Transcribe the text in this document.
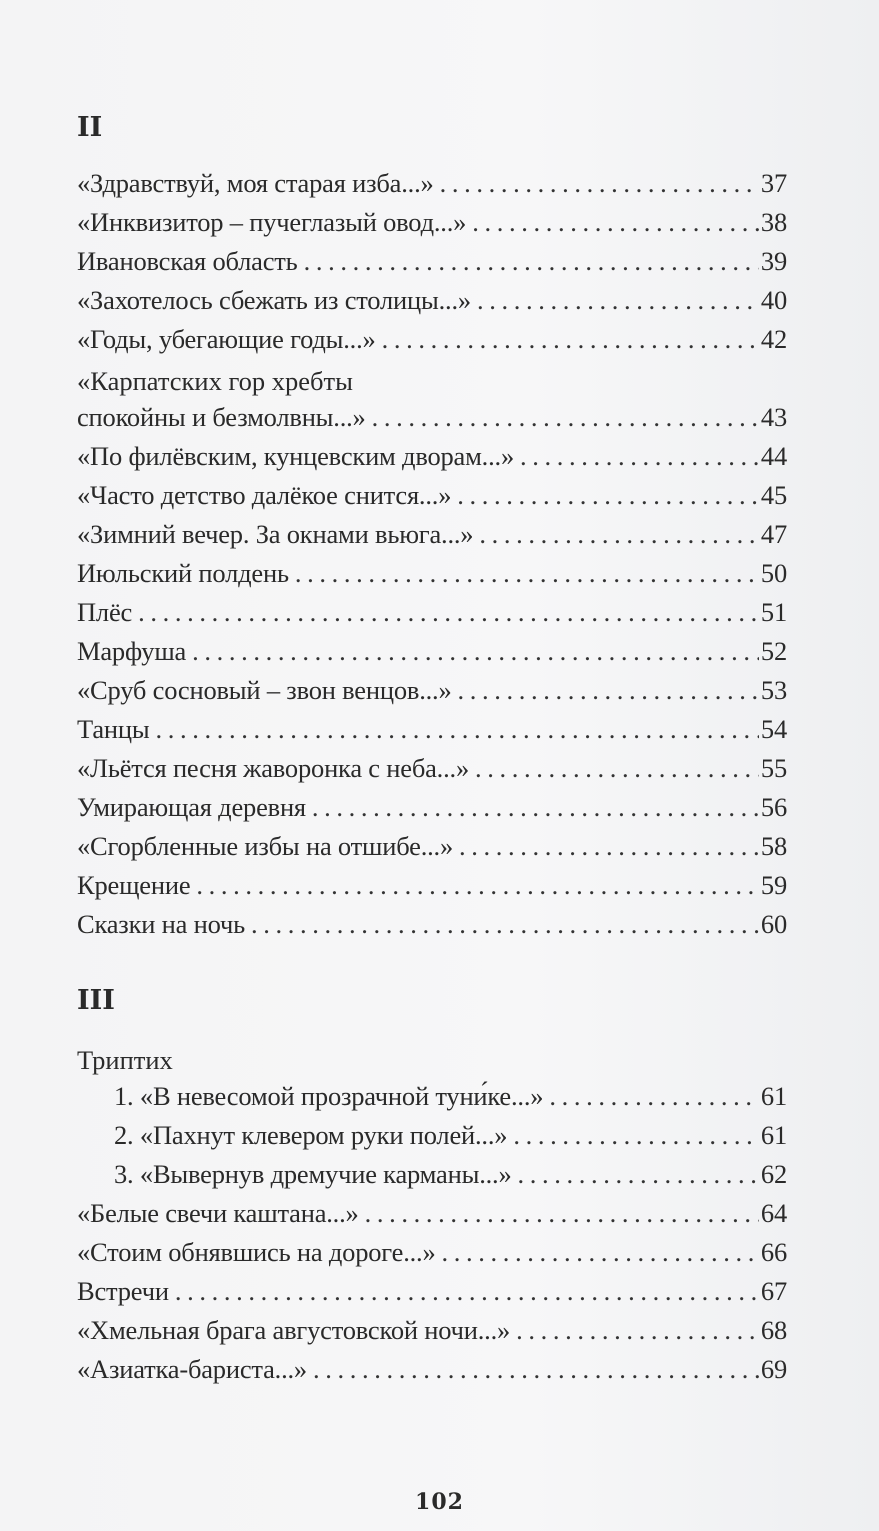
II
«Здравствуй, моя старая изба...» . . .	37
«Инквизитор – пучеглазый овод...» . . .	38
Ивановская область . . .	39
«Захотелось сбежать из столицы...» . . .	40
«Годы, убегающие годы...» . . .	42
«Карпатских гор хребты
спокойны и безмолвны...» . . .	43
«По филёвским, кунцевским дворам...» . . .	44
«Часто детство далёкое снится...» . . .	45
«Зимний вечер. За окнами вьюга...» . . .	47
Июльский полдень . . .	50
Плёс . . .	51
Марфуша . . .	52
«Сруб сосновый – звон венцов...» . . .	53
Танцы . . .	54
«Льётся песня жаворонка с неба...» . . .	55
Умирающая деревня . . .	56
«Сгорбленные избы на отшибе...» . . .	58
Крещение . . .	59
Сказки на ночь . . .	60
III
Триптих
1. «В невесомой прозрачной туни́ке...» . . .	61
2. «Пахнут клевером руки полей...» . . .	61
3. «Вывернув дремучие карманы...» . . .	62
«Белые свечи каштана...» . . .	64
«Стоим обнявшись на дороге...» . . .	66
Встречи . . .	67
«Хмельная брага августовской ночи...» . . .	68
«Азиатка-бариста...» . . .	69
102
